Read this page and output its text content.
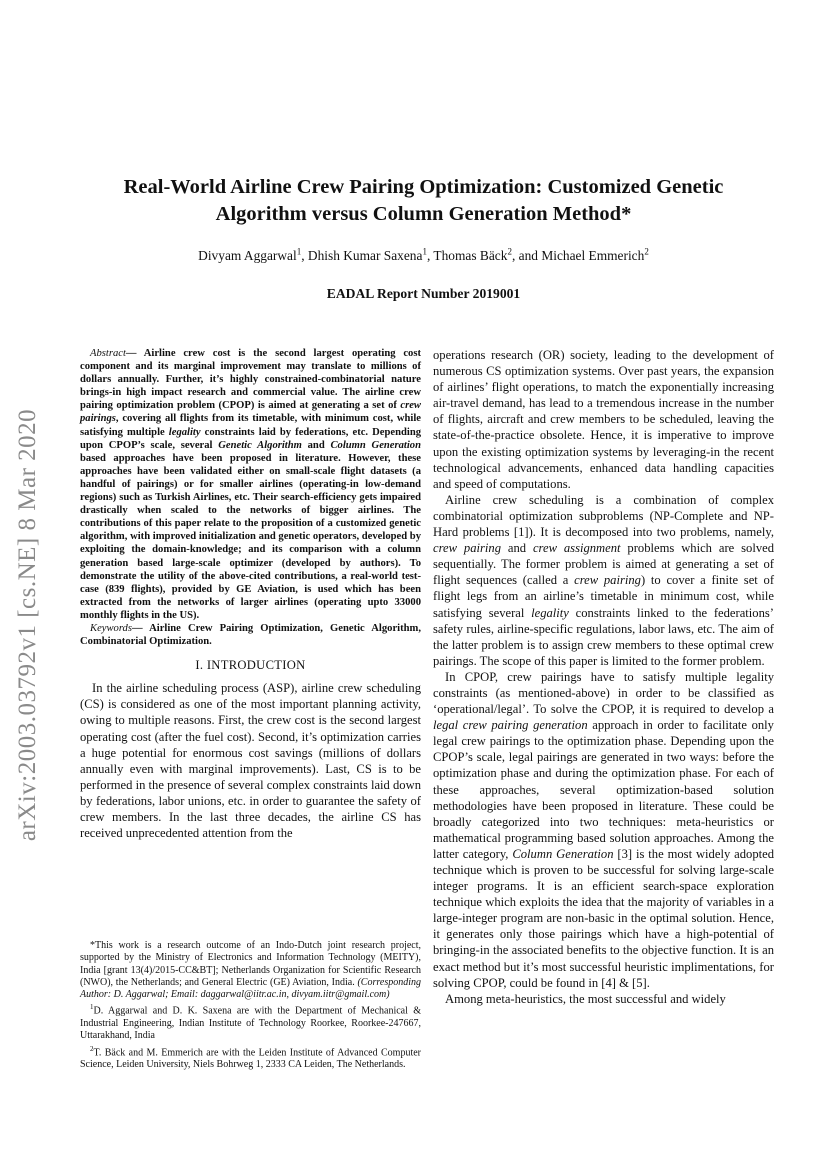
arXiv:2003.03792v1 [cs.NE] 8 Mar 2020
Real-World Airline Crew Pairing Optimization: Customized Genetic
Algorithm versus Column Generation Method*
Divyam Aggarwal$^1$, Dhish Kumar Saxena$^1$, Thomas Bäck$^2$, and Michael Emmerich$^2$
EADAL Report Number 2019001

Abstract— Airline crew cost is the second largest operating cost component and its marginal improvement may translate to millions of dollars annually. Further, it’s highly constrained-combinatorial nature brings-in high impact research and commercial value. The airline crew pairing optimization problem (CPOP) is aimed at generating a set of crew pairings, covering all flights from its timetable, with minimum cost, while satisfying multiple legality constraints laid by federations, etc. Depending upon CPOP’s scale, several Genetic Algorithm and Column Generation based approaches have been proposed in literature. However, these approaches have been validated either on small-scale flight datasets (a handful of pairings) or for smaller airlines (operating-in low-demand regions) such as Turkish Airlines, etc. Their search-efficiency gets impaired drastically when scaled to the networks of bigger airlines. The contributions of this paper relate to the proposition of a customized genetic algorithm, with improved initialization and genetic operators, developed by exploiting the domain-knowledge; and its comparison with a column generation based large-scale optimizer (developed by authors). To demonstrate the utility of the above-cited contributions, a real-world test-case (839 flights), provided by GE Aviation, is used which has been extracted from the networks of larger airlines (operating upto 33000 monthly flights in the US).

Keywords— Airline Crew Pairing Optimization, Genetic Algorithm, Combinatorial Optimization.

I. INTRODUCTION

In the airline scheduling process (ASP), airline crew scheduling (CS) is considered as one of the most important planning activity, owing to multiple reasons. First, the crew cost is the second largest operating cost (after the fuel cost). Second, it’s optimization carries a huge potential for enormous cost savings (millions of dollars annually even with marginal improvements). Last, CS is to be performed in the presence of several complex constraints laid down by federations, labor unions, etc. in order to guarantee the safety of crew members. In the last three decades, the airline CS has received unprecedented attention from the

*This work is a research outcome of an Indo-Dutch joint research project, supported by the Ministry of Electronics and Information Technology (MEITY), India [grant 13(4)/2015-CC&BT]; Netherlands Organization for Scientific Research (NWO), the Netherlands; and General Electric (GE) Aviation, India. (Corresponding Author: D. Aggarwal; Email: daggarwal@iitr.ac.in, divyam.iitr@gmail.com)

$^1$D. Aggarwal and D. K. Saxena are with the Department of Mechanical & Industrial Engineering, Indian Institute of Technology Roorkee, Roorkee-247667, Uttarakhand, India

$^2$T. Bäck and M. Emmerich are with the Leiden Institute of Advanced Computer Science, Leiden University, Niels Bohrweg 1, 2333 CA Leiden, The Netherlands.

operations research (OR) society, leading to the development of numerous CS optimization systems. Over past years, the expansion of airlines’ flight operations, to match the exponentially increasing air-travel demand, has lead to a tremendous increase in the number of flights, aircraft and crew members to be scheduled, leaving the state-of-the-practice obsolete. Hence, it is imperative to improve upon the existing optimization systems by leveraging-in the recent technological advancements, enhanced data handling capacities and speed of computations.

Airline crew scheduling is a combination of complex combinatorial optimization subproblems (NP-Complete and NP-Hard problems [1]). It is decomposed into two problems, namely, crew pairing and crew assignment problems which are solved sequentially. The former problem is aimed at generating a set of flight sequences (called a crew pairing) to cover a finite set of flight legs from an airline’s timetable in minimum cost, while satisfying several legality constraints linked to the federations’ safety rules, airline-specific regulations, labor laws, etc. The aim of the latter problem is to assign crew members to these optimal crew pairings. The scope of this paper is limited to the former problem.

In CPOP, crew pairings have to satisfy multiple legality constraints (as mentioned-above) in order to be classified as ‘operational/legal’. To solve the CPOP, it is required to develop a legal crew pairing generation approach in order to facilitate only legal crew pairings to the optimization phase. Depending upon the CPOP’s scale, legal pairings are generated in two ways: before the optimization phase and during the optimization phase. For each of these approaches, several optimization-based solution methodologies have been proposed in literature. These could be broadly categorized into two techniques: meta-heuristics or mathematical programming based solution approaches. Among the latter category, Column Generation [3] is the most widely adopted technique which is proven to be successful for solving large-scale integer programs. It is an efficient search-space exploration technique which exploits the idea that the majority of variables in a large-integer program are non-basic in the optimal solution. Hence, it generates only those pairings which have a high-potential of bringing-in the associated benefits to the objective function. It is an exact method but it’s most successful heuristic implimentations, for solving CPOP, could be found in [4] & [5].

Among meta-heuristics, the most successful and widely
